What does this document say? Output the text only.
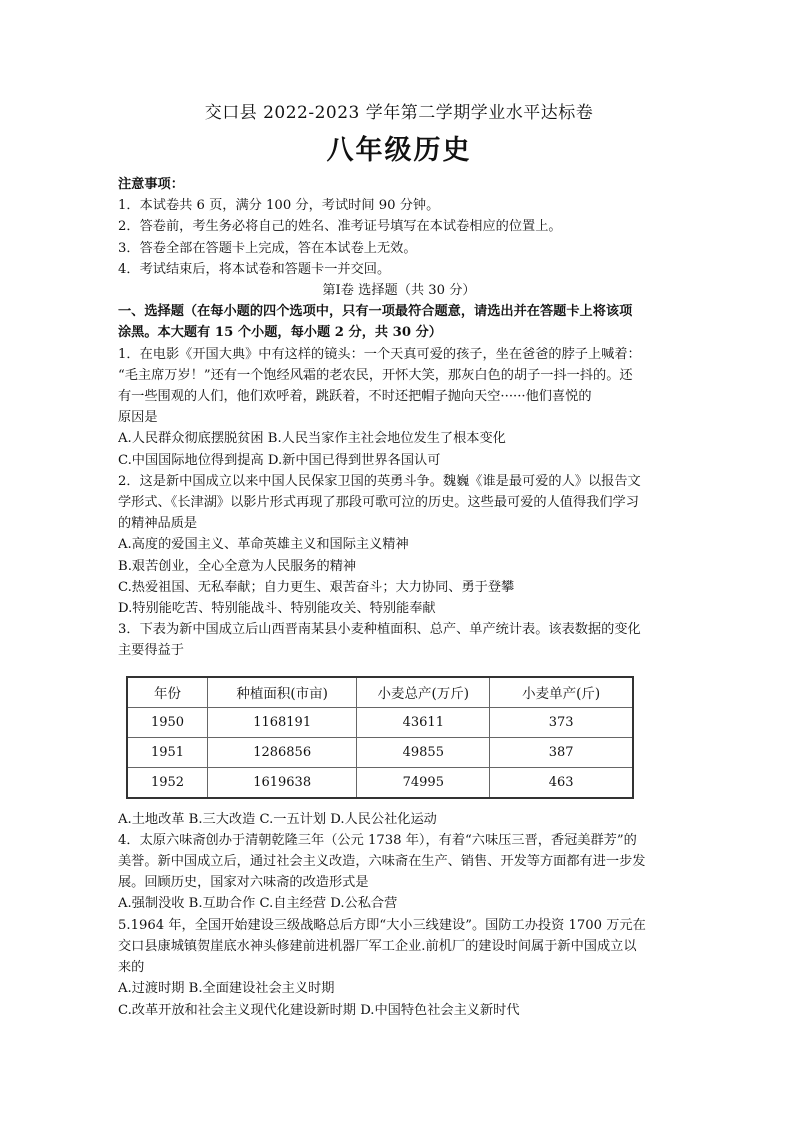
交口县 2022-2023 学年第二学期学业水平达标卷

八年级历史

注意事项：

1．本试卷共 6 页，满分 100 分，考试时间 90 分钟。

2．答卷前，考生务必将自己的姓名、准考证号填写在本试卷相应的位置上。

3．答卷全部在答题卡上完成，答在本试卷上无效。

4．考试结束后，将本试卷和答题卡一并交回。

第Ⅰ卷 选择题（共 30 分）

一、选择题（在每小题的四个选项中，只有一项最符合题意，请选出并在答题卡上将该项

涂黑。本大题有 15 个小题，每小题 2 分，共 30 分）

1．在电影《开国大典》中有这样的镜头：一个天真可爱的孩子，坐在爸爸的脖子上喊着：

“毛主席万岁！”还有一个饱经风霜的老农民，开怀大笑，那灰白色的胡子一抖一抖的。还

有一些围观的人们，他们欢呼着，跳跃着，不时还把帽子抛向天空······他们喜悦的

原因是

A.人民群众彻底摆脱贫困 B.人民当家作主社会地位发生了根本变化

C.中国国际地位得到提高 D.新中国已得到世界各国认可

2．这是新中国成立以来中国人民保家卫国的英勇斗争。魏巍《谁是最可爱的人》以报告文

学形式、《长津湖》以影片形式再现了那段可歌可泣的历史。这些最可爱的人值得我们学习

的精神品质是

A.高度的爱国主义、革命英雄主义和国际主义精神

B.艰苦创业，全心全意为人民服务的精神

C.热爱祖国、无私奉献；自力更生、艰苦奋斗；大力协同、勇于登攀

D.特别能吃苦、特别能战斗、特别能攻关、特别能奉献

3．下表为新中国成立后山西晋南某县小麦种植面积、总产、单产统计表。该表数据的变化

主要得益于

年份	种植面积(市亩)	小麦总产(万斤)	小麦单产(斤)
1950	1168191	43611	373
1951	1286856	49855	387
1952	1619638	74995	463

A.土地改革 B.三大改造 C.一五计划 D.人民公社化运动

4．太原六味斋创办于清朝乾隆三年（公元 1738 年），有着“六味压三晋，香冠美群芳”的

美誉。新中国成立后，通过社会主义改造，六味斋在生产、销售、开发等方面都有进一步发

展。回顾历史，国家对六味斋的改造形式是

A.强制没收 B.互助合作 C.自主经营 D.公私合营

5.1964 年，全国开始建设三级战略总后方即“大小三线建设”。国防工办投资 1700 万元在

交口县康城镇贺崖底水神头修建前进机器厂军工企业.前机厂的建设时间属于新中国成立以

来的

A.过渡时期 B.全面建设社会主义时期

C.改革开放和社会主义现代化建设新时期 D.中国特色社会主义新时代
